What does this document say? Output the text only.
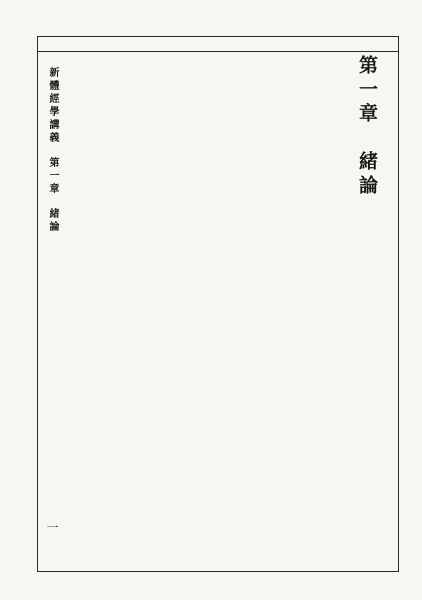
第一章緒論
新體經學講義第一章緒論
一
